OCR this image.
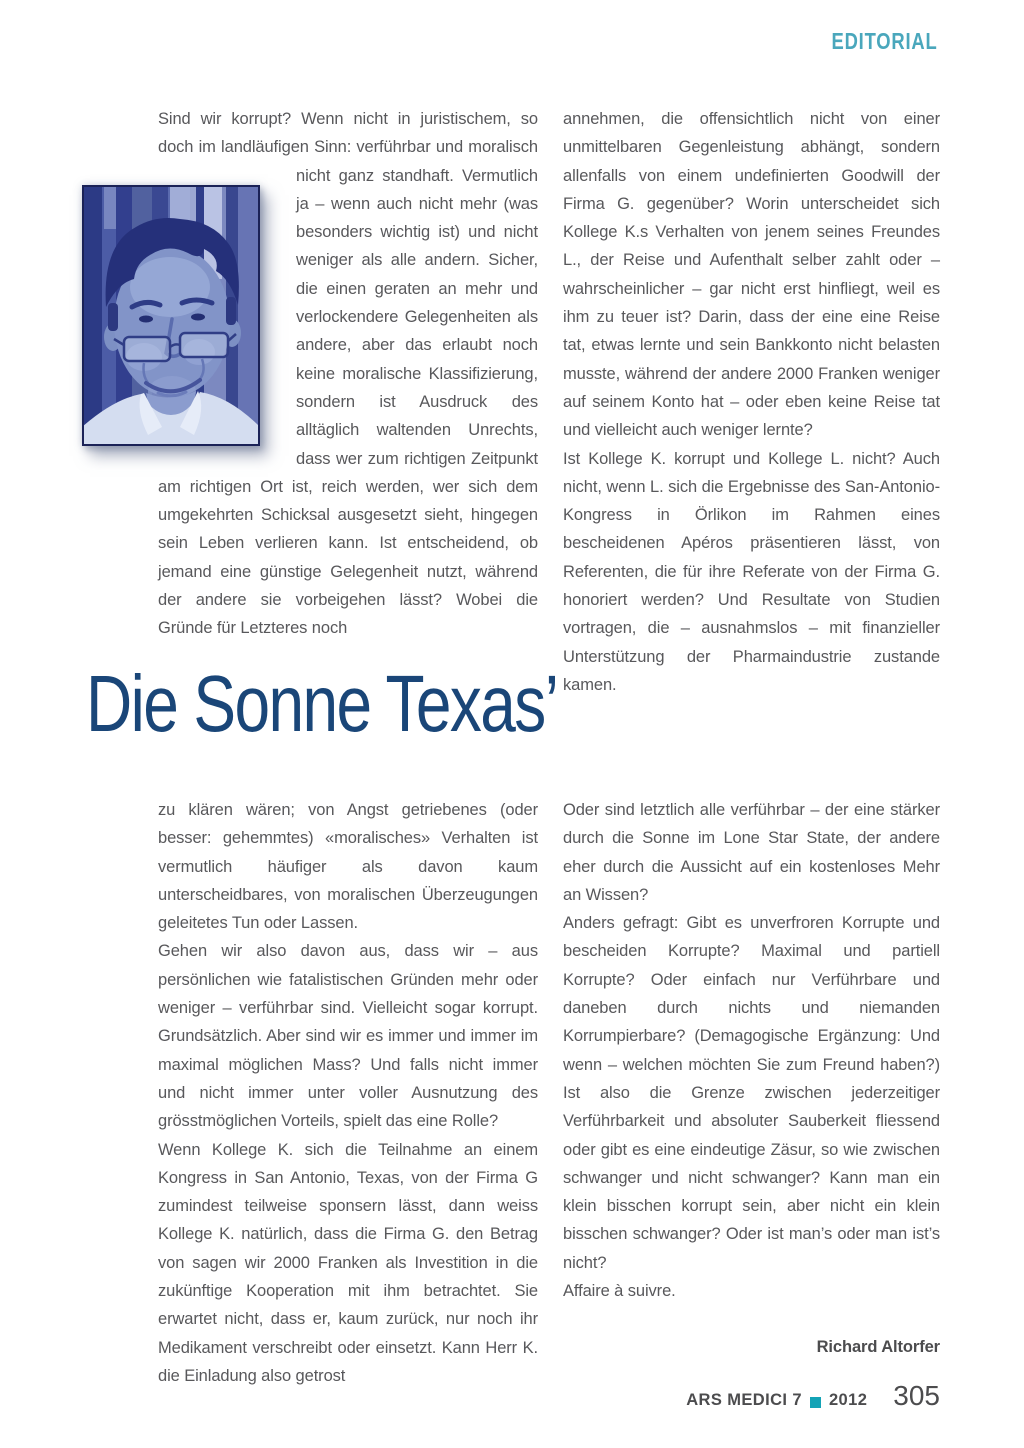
EDITORIAL

Sind wir korrupt? Wenn nicht in juristischem, so doch im landläufigen Sinn: verführbar und moralisch nicht ganz standhaft. Vermutlich ja – wenn auch nicht mehr (was besonders wichtig ist) und nicht weniger als alle andern. Sicher, die einen geraten an mehr und verlockendere Gelegenheiten als andere, aber das erlaubt noch keine moralische Klassifizierung, sondern ist Ausdruck des alltäglich waltenden Unrechts, dass wer zum richtigen Zeitpunkt am richtigen Ort ist, reich werden, wer sich dem umgekehrten Schicksal ausgesetzt sieht, hingegen sein Leben verlieren kann. Ist entscheidend, ob jemand eine günstige Gelegenheit nutzt, während der andere sie vorbeigehen lässt? Wobei die Gründe für Letzteres noch

annehmen, die offensichtlich nicht von einer unmittelbaren Gegenleistung abhängt, sondern allenfalls von einem undefinierten Goodwill der Firma G. gegenüber? Worin unterscheidet sich Kollege K.s Verhalten von jenem seines Freundes L., der Reise und Aufenthalt selber zahlt oder – wahrscheinlicher – gar nicht erst hinfliegt, weil es ihm zu teuer ist? Darin, dass der eine eine Reise tat, etwas lernte und sein Bankkonto nicht belasten musste, während der andere 2000 Franken weniger auf seinem Konto hat – oder eben keine Reise tat und vielleicht auch weniger lernte?

Ist Kollege K. korrupt und Kollege L. nicht? Auch nicht, wenn L. sich die Ergebnisse des San-Antonio-Kongress in Örlikon im Rahmen eines bescheidenen Apéros präsentieren lässt, von Referenten, die für ihre Referate von der Firma G. honoriert werden? Und Resultate von Studien vortragen, die – ausnahmslos – mit finanzieller Unterstützung der Pharmaindustrie zustande kamen.

Die Sonne Texas’

zu klären wären; von Angst getriebenes (oder besser: gehemmtes) «moralisches» Verhalten ist vermutlich häufiger als davon kaum unterscheidbares, von moralischen Überzeugungen geleitetes Tun oder Lassen.

Gehen wir also davon aus, dass wir – aus persönlichen wie fatalistischen Gründen mehr oder weniger – verführbar sind. Vielleicht sogar korrupt. Grundsätzlich. Aber sind wir es immer und immer im maximal möglichen Mass? Und falls nicht immer und nicht immer unter voller Ausnutzung des grösstmöglichen Vorteils, spielt das eine Rolle?

Wenn Kollege K. sich die Teilnahme an einem Kongress in San Antonio, Texas, von der Firma G zumindest teilweise sponsern lässt, dann weiss Kollege K. natürlich, dass die Firma G. den Betrag von sagen wir 2000 Franken als Investition in die zukünftige Kooperation mit ihm betrachtet. Sie erwartet nicht, dass er, kaum zurück, nur noch ihr Medikament verschreibt oder einsetzt. Kann Herr K. die Einladung also getrost

Oder sind letztlich alle verführbar – der eine stärker durch die Sonne im Lone Star State, der andere eher durch die Aussicht auf ein kostenloses Mehr an Wissen?

Anders gefragt: Gibt es unverfroren Korrupte und bescheiden Korrupte? Maximal und partiell Korrupte? Oder einfach nur Verführbare und daneben durch nichts und niemanden Korrumpierbare? (Demagogische Ergänzung: Und wenn – welchen möchten Sie zum Freund haben?) Ist also die Grenze zwischen jederzeitiger Verführbarkeit und absoluter Sauberkeit fliessend oder gibt es eine eindeutige Zäsur, so wie zwischen schwanger und nicht schwanger? Kann man ein klein bisschen korrupt sein, aber nicht ein klein bisschen schwanger? Oder ist man’s oder man ist’s nicht?

Affaire à suivre.

Richard Altorfer

ARS MEDICI 7 2012 305
